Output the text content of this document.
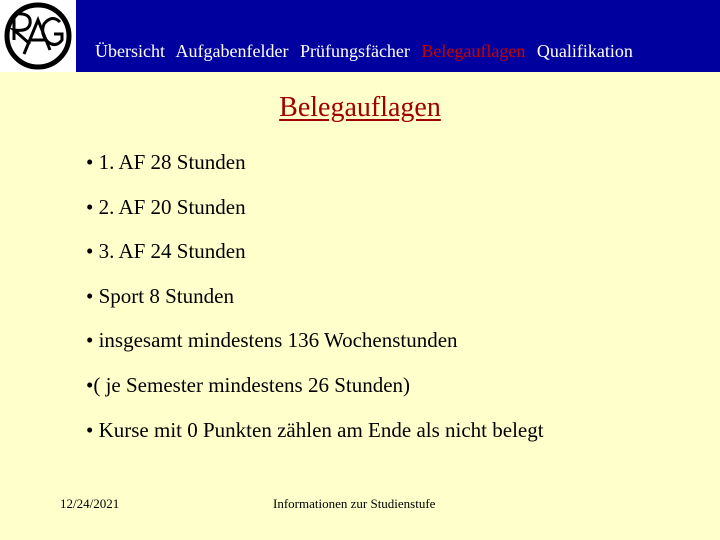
Übersicht Aufgabenfelder Prüfungsfächer Belegauflagen Qualifikation
Belegauflagen
• 1. AF 28 Stunden
• 2. AF 20 Stunden
• 3. AF 24 Stunden
• Sport 8 Stunden
• insgesamt mindestens 136 Wochenstunden
•( je Semester mindestens 26 Stunden)
• Kurse mit 0 Punkten zählen am Ende als nicht belegt
12/24/2021	Informationen zur Studienstufe
